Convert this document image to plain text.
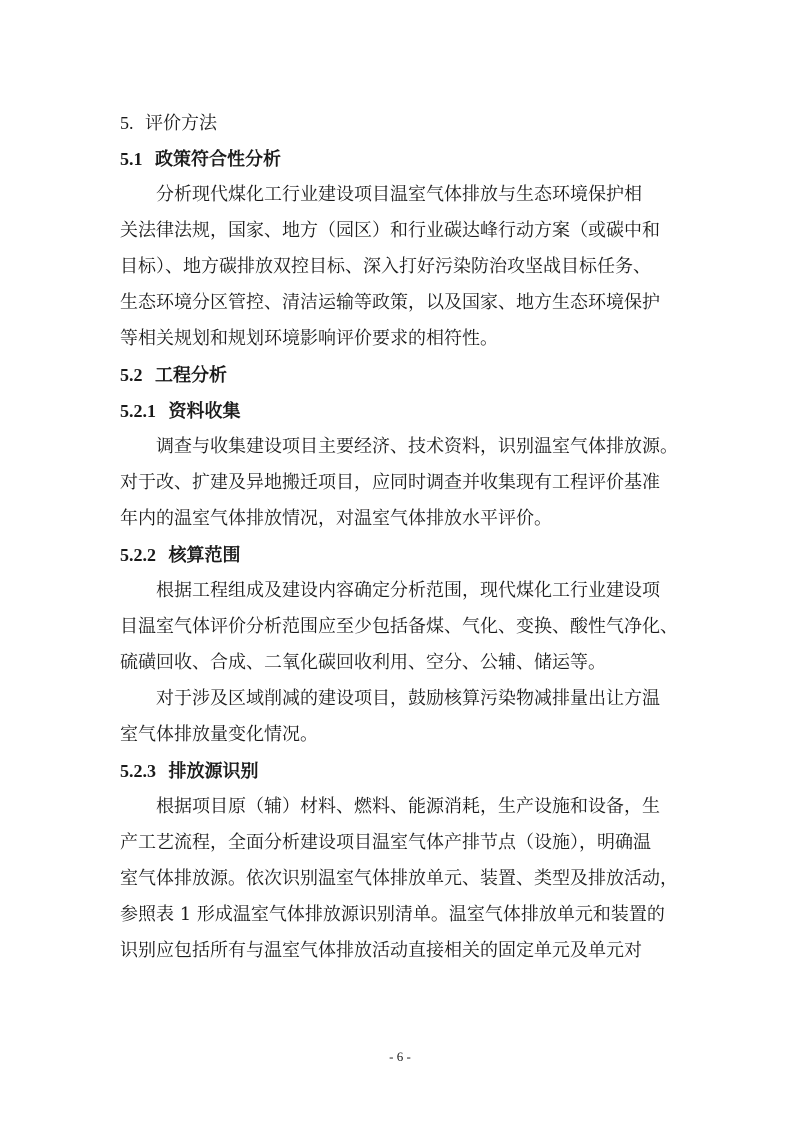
5. 评价方法
5.1 政策符合性分析
分析现代煤化工行业建设项目温室气体排放与生态环境保护相
关法律法规，国家、地方（园区）和行业碳达峰行动方案（或碳中和
目标）、地方碳排放双控目标、深入打好污染防治攻坚战目标任务、
生态环境分区管控、清洁运输等政策，以及国家、地方生态环境保护
等相关规划和规划环境影响评价要求的相符性。
5.2 工程分析
5.2.1 资料收集
调查与收集建设项目主要经济、技术资料，识别温室气体排放源。
对于改、扩建及异地搬迁项目，应同时调查并收集现有工程评价基准
年内的温室气体排放情况，对温室气体排放水平评价。
5.2.2 核算范围
根据工程组成及建设内容确定分析范围，现代煤化工行业建设项
目温室气体评价分析范围应至少包括备煤、气化、变换、酸性气净化、
硫磺回收、合成、二氧化碳回收利用、空分、公辅、储运等。
对于涉及区域削减的建设项目，鼓励核算污染物减排量出让方温
室气体排放量变化情况。
5.2.3 排放源识别
根据项目原（辅）材料、燃料、能源消耗，生产设施和设备，生
产工艺流程，全面分析建设项目温室气体产排节点（设施），明确温
室气体排放源。依次识别温室气体排放单元、装置、类型及排放活动，
参照表 1 形成温室气体排放源识别清单。温室气体排放单元和装置的
识别应包括所有与温室气体排放活动直接相关的固定单元及单元对
- 6 -
